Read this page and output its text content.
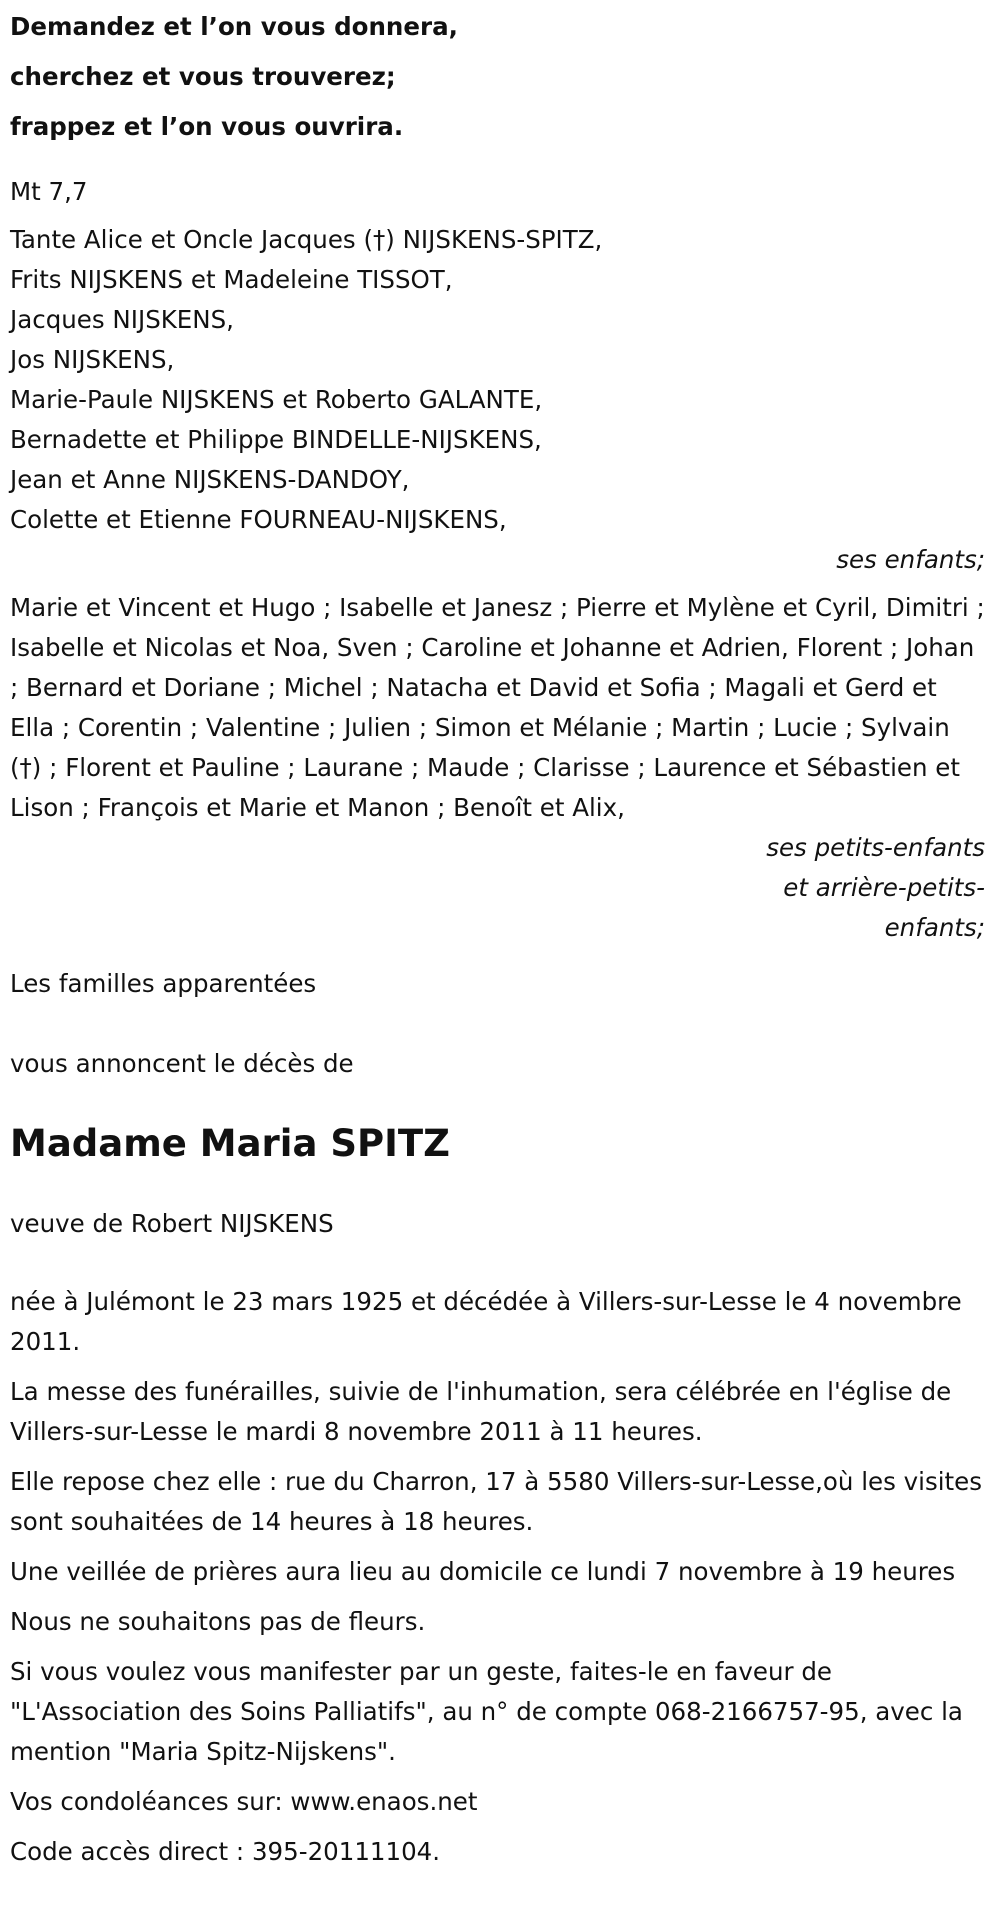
Demandez et l’on vous donnera,
cherchez et vous trouverez;
frappez et l’on vous ouvrira.
Mt 7,7
Tante Alice et Oncle Jacques (†) NIJSKENS-SPITZ,
Frits NIJSKENS et Madeleine TISSOT,
Jacques NIJSKENS,
Jos NIJSKENS,
Marie-Paule NIJSKENS et Roberto GALANTE,
Bernadette et Philippe BINDELLE-NIJSKENS,
Jean et Anne NIJSKENS-DANDOY,
Colette et Etienne FOURNEAU-NIJSKENS,
ses enfants;
Marie et Vincent et Hugo ; Isabelle et Janesz ; Pierre et Mylène et Cyril, Dimitri ; Isabelle et Nicolas et Noa, Sven ; Caroline et Johanne et Adrien, Florent ; Johan ; Bernard et Doriane ; Michel ; Natacha et David et Sofia ; Magali et Gerd et Ella ; Corentin ; Valentine ; Julien ; Simon et Mélanie ; Martin ; Lucie ; Sylvain (†) ; Florent et Pauline ; Laurane ; Maude ; Clarisse ; Laurence et Sébastien et Lison ; François et Marie et Manon ; Benoît et Alix,
ses petits-enfants et arrière-petits-enfants;
Les familles apparentées
vous annoncent le décès de
Madame Maria SPITZ
veuve de Robert NIJSKENS
née à Julémont le 23 mars 1925 et décédée à Villers-sur-Lesse le 4 novembre 2011.
La messe des funérailles, suivie de l'inhumation, sera célébrée en l'église de Villers-sur-Lesse le mardi 8 novembre 2011 à 11 heures.
Elle repose chez elle : rue du Charron, 17 à 5580 Villers-sur-Lesse,où les visites sont souhaitées de 14 heures à 18 heures.
Une veillée de prières aura lieu au domicile ce lundi 7 novembre à 19 heures
Nous ne souhaitons pas de fleurs.
Si vous voulez vous manifester par un geste, faites-le en faveur de "L'Association des Soins Palliatifs", au n° de compte 068-2166757-95, avec la mention "Maria Spitz-Nijskens".
Vos condoléances sur: www.enaos.net
Code accès direct : 395-20111104.
